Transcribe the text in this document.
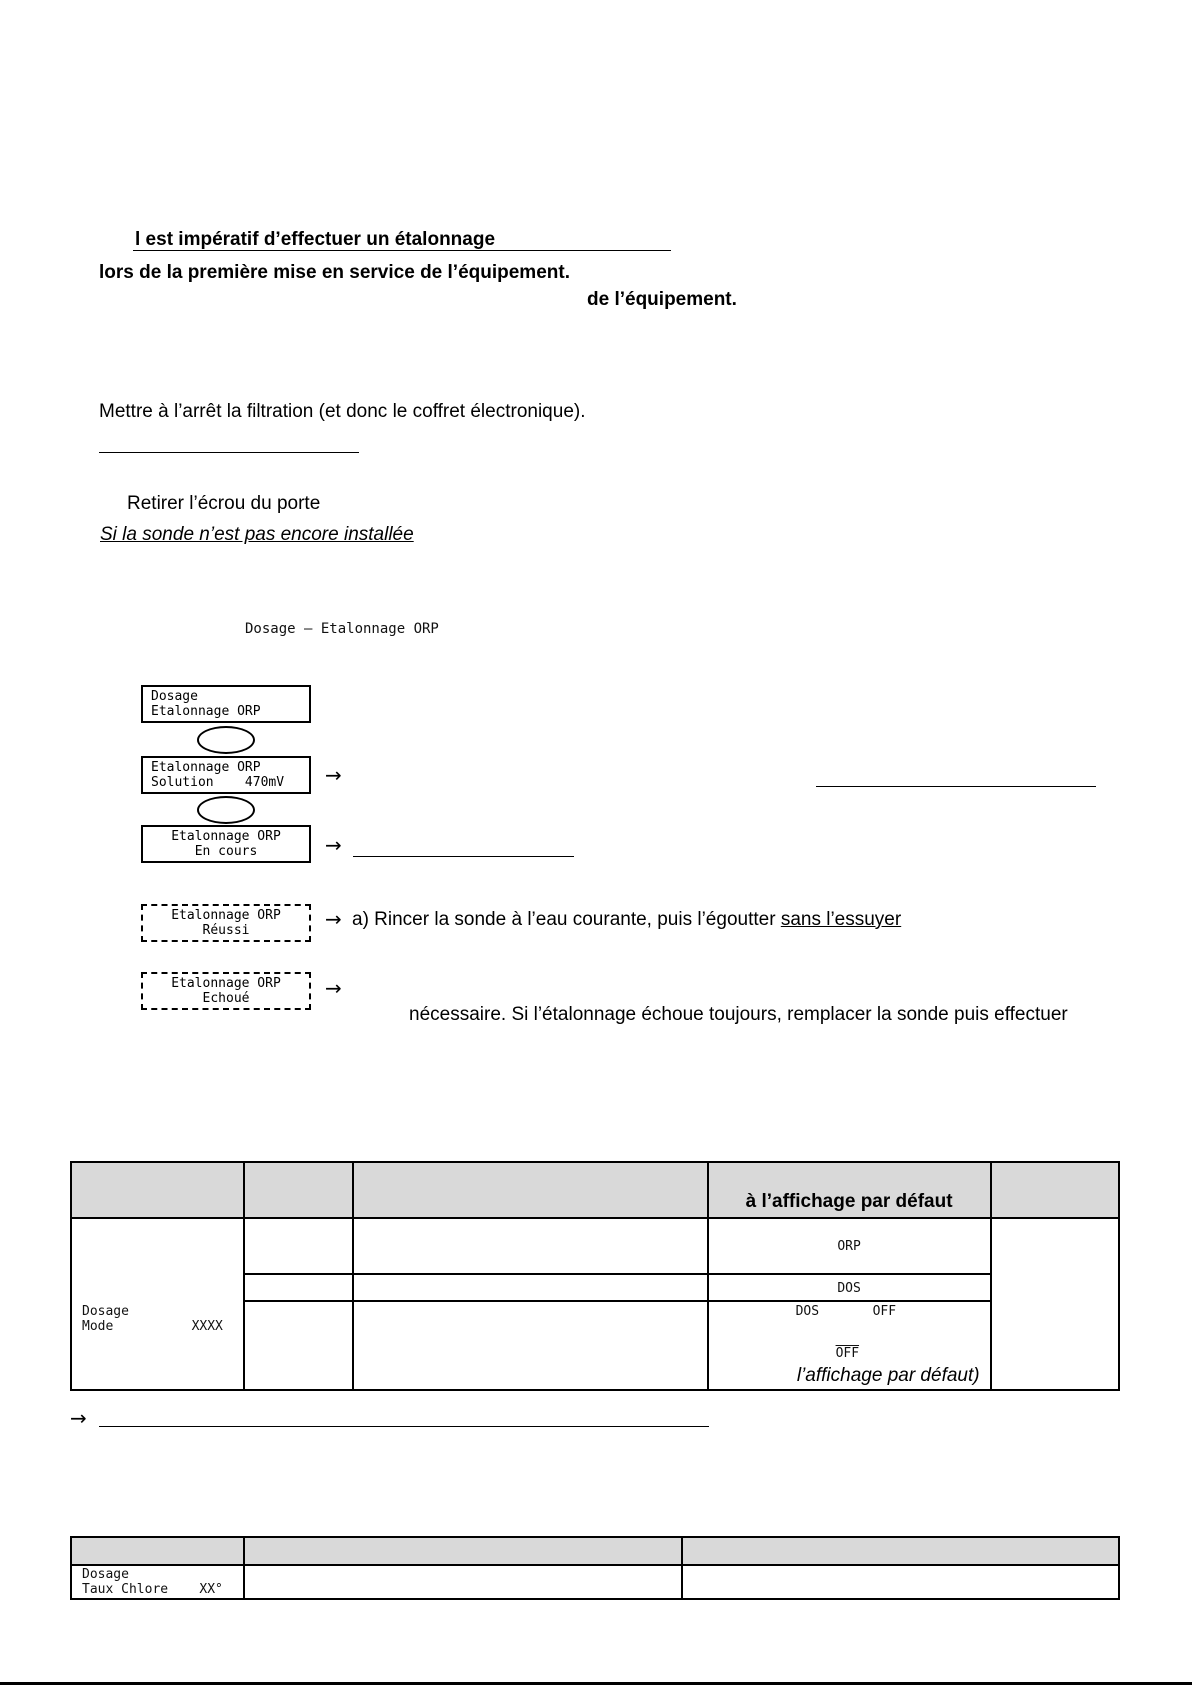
l est impératif d’effectuer un étalonnage
lors de la première mise en service de l’équipement.
de l’équipement.
Mettre à l’arrêt la filtration (et donc le coffret électronique).
Retirer l’écrou du porte
Si la sonde n’est pas encore installée
Dosage – Etalonnage ORP
Dosage
Etalonnage ORP
Etalonnage ORP
Solution    470mV	→
Etalonnage ORP
En cours	→
Etalonnage ORP
Réussi	→ a) Rincer la sonde à l’eau courante, puis l’égoutter sans l’essuyer
Etalonnage ORP
Echoué	→
nécessaire. Si l’étalonnage échoue toujours, remplacer la sonde puis effectuer
			à l’affichage par défaut	

Dosage
Mode          XXXX			ORP	
			DOS	

			DOS OFF
$\overline{OFF}$
l’affichage par défaut)	
→

Dosage
Taux Chlore    XX°		
